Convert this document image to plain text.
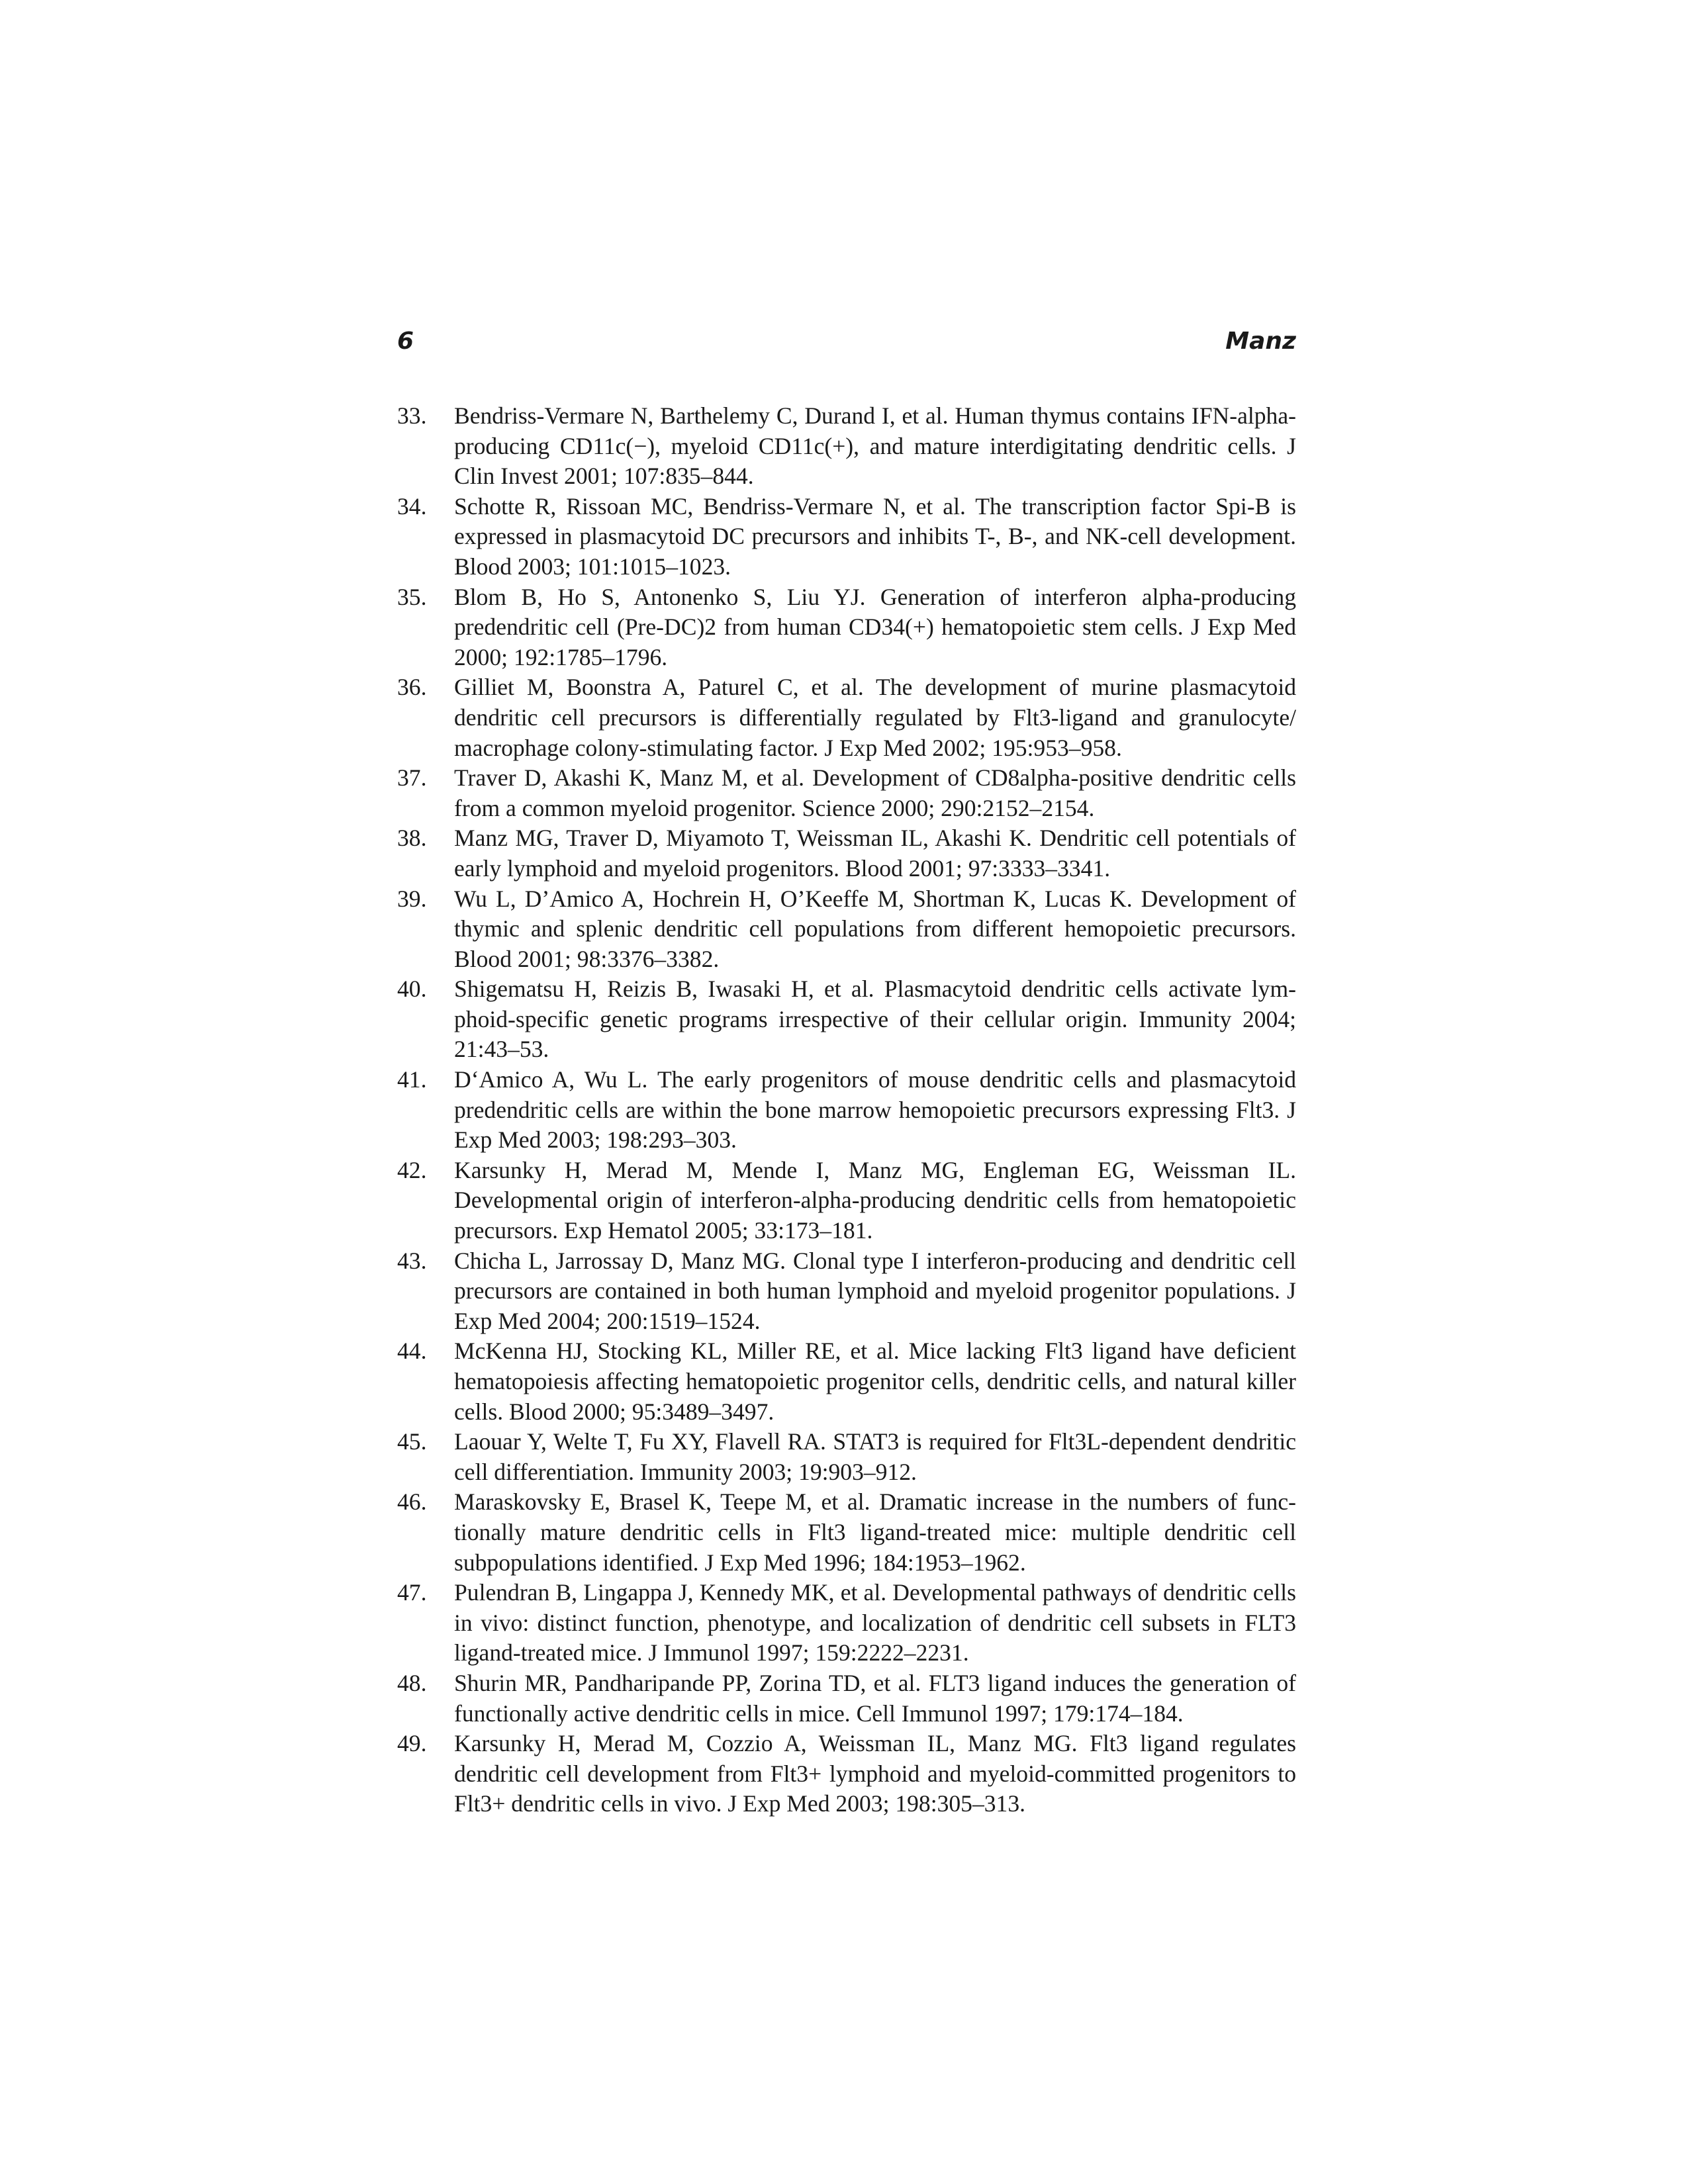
6	Manz
33.	Bendriss-Vermare N, Barthelemy C, Durand I, et al. Human thymus contains IFN-alpha-producing CD11c(−), myeloid CD11c(+), and mature interdigitating dendritic cells. J Clin Invest 2001; 107:835–844.
34.	Schotte R, Rissoan MC, Bendriss-Vermare N, et al. The transcription factor Spi-B is expressed in plasmacytoid DC precursors and inhibits T-, B-, and NK-cell development. Blood 2003; 101:1015–1023.
35.	Blom B, Ho S, Antonenko S, Liu YJ. Generation of interferon alpha-producing predendritic cell (Pre-DC)2 from human CD34(+) hematopoietic stem cells. J Exp Med 2000; 192:1785–1796.
36.	Gilliet M, Boonstra A, Paturel C, et al. The development of murine plasmacytoid dendritic cell precursors is differentially regulated by Flt3-ligand and granulocyte/​macrophage colony-stimulating factor. J Exp Med 2002; 195:953–958.
37.	Traver D, Akashi K, Manz M, et al. Development of CD8alpha-positive dendritic cells from a common myeloid progenitor. Science 2000; 290:2152–2154.
38.	Manz MG, Traver D, Miyamoto T, Weissman IL, Akashi K. Dendritic cell potentials of early lymphoid and myeloid progenitors. Blood 2001; 97:3333–3341.
39.	Wu L, D’Amico A, Hochrein H, O’Keeffe M, Shortman K, Lucas K. Development of thymic and splenic dendritic cell populations from different hemopoietic precursors. Blood 2001; 98:3376–3382.
40.	Shigematsu H, Reizis B, Iwasaki H, et al. Plasmacytoid dendritic cells activate lymphoid-specific genetic programs irrespective of their cellular origin. Immunity 2004; 21:43–53.
41.	D‘Amico A, Wu L. The early progenitors of mouse dendritic cells and plasmacytoid predendritic cells are within the bone marrow hemopoietic precursors expressing Flt3. J Exp Med 2003; 198:293–303.
42.	Karsunky H, Merad M, Mende I, Manz MG, Engleman EG, Weissman IL. Developmental origin of interferon-alpha-producing dendritic cells from hematopoietic precursors. Exp Hematol 2005; 33:173–181.
43.	Chicha L, Jarrossay D, Manz MG. Clonal type I interferon-producing and dendritic cell precursors are contained in both human lymphoid and myeloid progenitor populations. J Exp Med 2004; 200:1519–1524.
44.	McKenna HJ, Stocking KL, Miller RE, et al. Mice lacking Flt3 ligand have deficient hematopoiesis affecting hematopoietic progenitor cells, dendritic cells, and natural killer cells. Blood 2000; 95:3489–3497.
45.	Laouar Y, Welte T, Fu XY, Flavell RA. STAT3 is required for Flt3L-dependent dendritic cell differentiation. Immunity 2003; 19:903–912.
46.	Maraskovsky E, Brasel K, Teepe M, et al. Dramatic increase in the numbers of functionally mature dendritic cells in Flt3 ligand-treated mice: multiple dendritic cell subpopulations identified. J Exp Med 1996; 184:1953–1962.
47.	Pulendran B, Lingappa J, Kennedy MK, et al. Developmental pathways of dendritic cells in vivo: distinct function, phenotype, and localization of dendritic cell subsets in FLT3 ligand-treated mice. J Immunol 1997; 159:2222–2231.
48.	Shurin MR, Pandharipande PP, Zorina TD, et al. FLT3 ligand induces the generation of functionally active dendritic cells in mice. Cell Immunol 1997; 179:174–184.
49.	Karsunky H, Merad M, Cozzio A, Weissman IL, Manz MG. Flt3 ligand regulates dendritic cell development from Flt3+ lymphoid and myeloid-committed progenitors to Flt3+ dendritic cells in vivo. J Exp Med 2003; 198:305–313.
